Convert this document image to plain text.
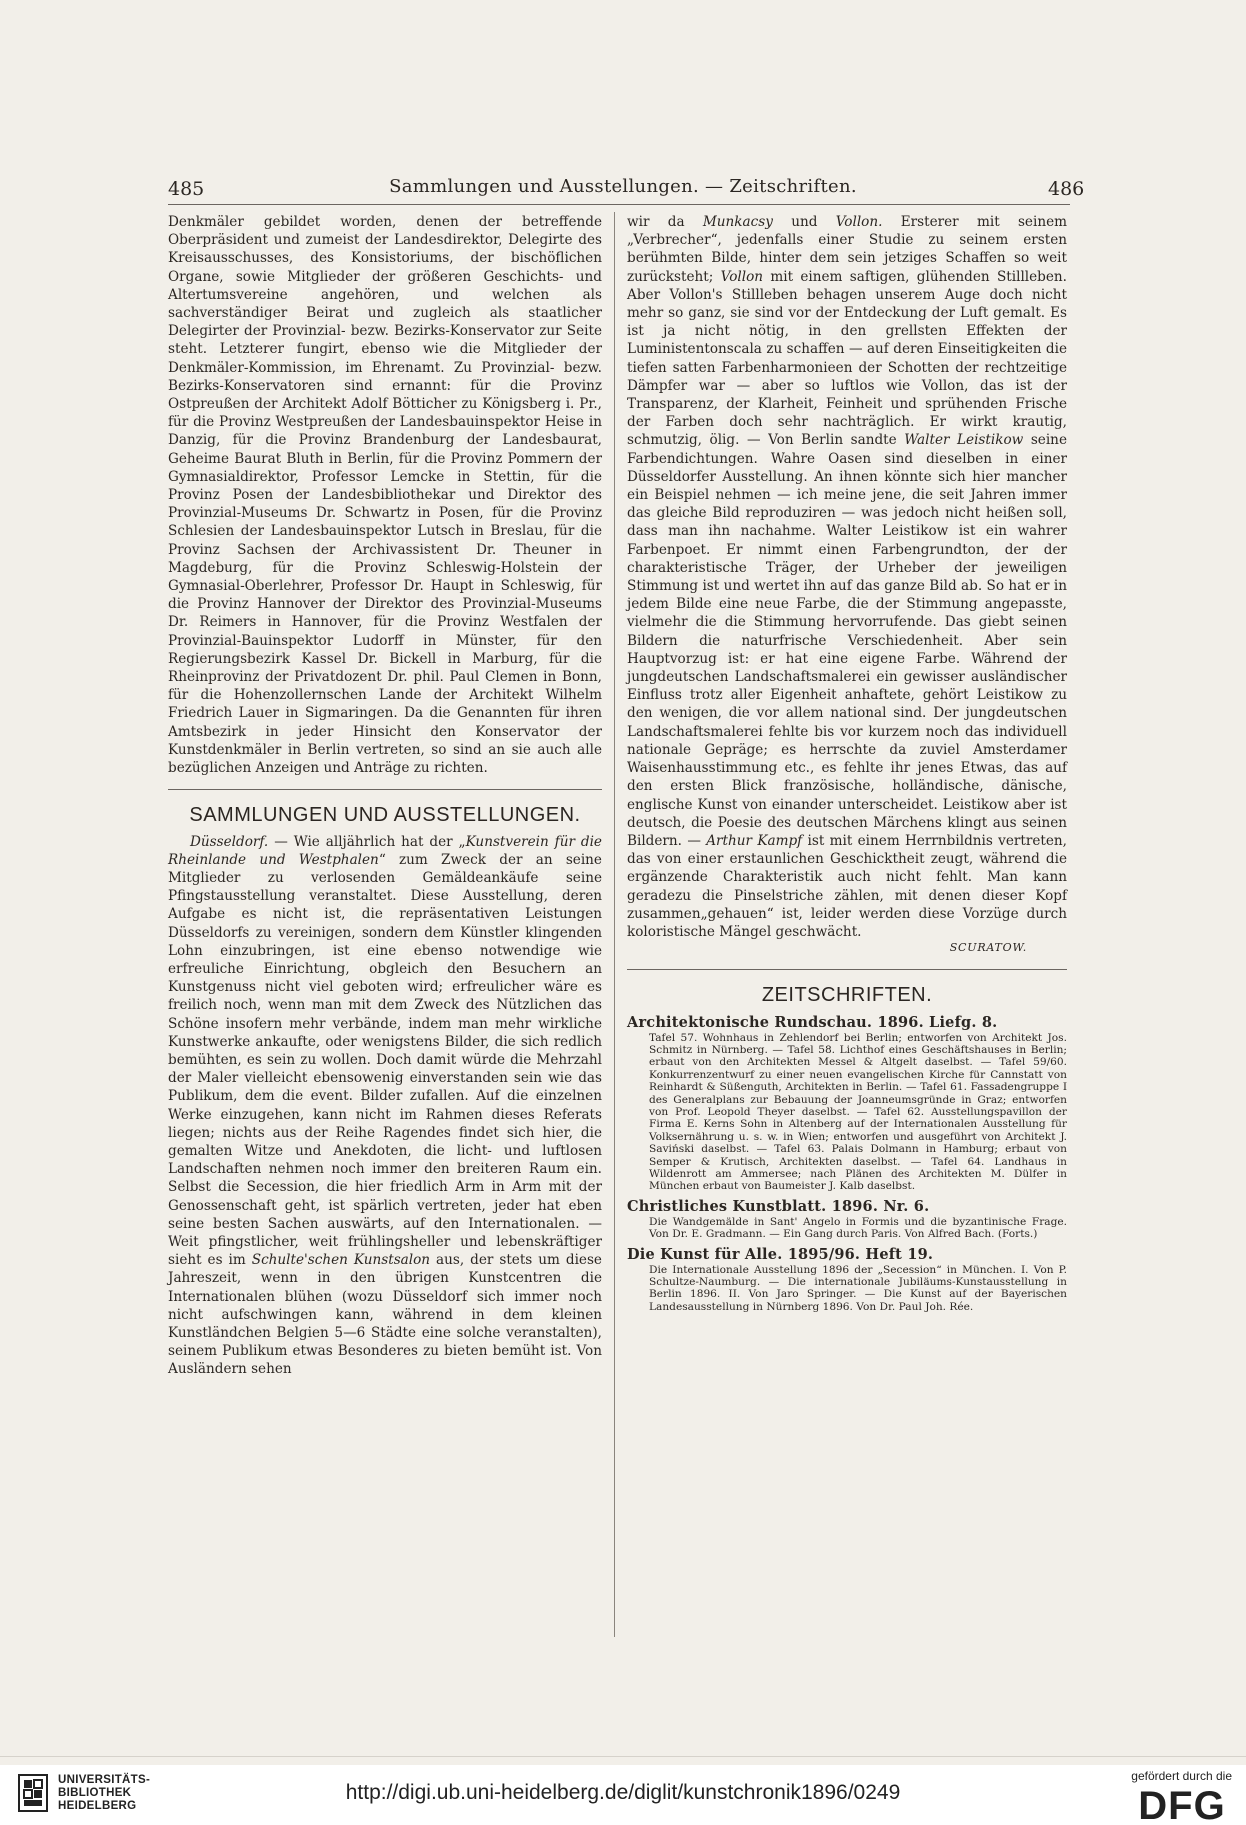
485	Sammlungen und Ausstellungen. — Zeitschriften.	486

Denkmäler gebildet worden, denen der betreffende Oberpräsident und zumeist der Landesdirektor, Delegirte des Kreisausschusses, des Konsistoriums, der bischöflichen Organe, sowie Mitglieder der größeren Geschichts- und Altertumsvereine angehören, und welchen als sachverständiger Beirat und zugleich als staatlicher Delegirter der Provinzial- bezw. Bezirks-Konservator zur Seite steht. Letzterer fungirt, ebenso wie die Mitglieder der Denkmäler-Kommission, im Ehrenamt. Zu Provinzial- bezw. Bezirks-Konservatoren sind ernannt: für die Provinz Ostpreußen der Architekt Adolf Bötticher zu Königsberg i. Pr., für die Provinz Westpreußen der Landesbauinspektor Heise in Danzig, für die Provinz Brandenburg der Landesbaurat, Geheime Baurat Bluth in Berlin, für die Provinz Pommern der Gymnasialdirektor, Professor Lemcke in Stettin, für die Provinz Posen der Landesbibliothekar und Direktor des Provinzial-Museums Dr. Schwartz in Posen, für die Provinz Schlesien der Landesbauinspektor Lutsch in Breslau, für die Provinz Sachsen der Archivassistent Dr. Theuner in Magdeburg, für die Provinz Schleswig-Holstein der Gymnasial-Oberlehrer, Professor Dr. Haupt in Schleswig, für die Provinz Hannover der Direktor des Provinzial-Museums Dr. Reimers in Hannover, für die Provinz Westfalen der Provinzial-Bauinspektor Ludorff in Münster, für den Regierungsbezirk Kassel Dr. Bickell in Marburg, für die Rheinprovinz der Privatdozent Dr. phil. Paul Clemen in Bonn, für die Hohenzollernschen Lande der Architekt Wilhelm Friedrich Lauer in Sigmaringen. Da die Genannten für ihren Amtsbezirk in jeder Hinsicht den Konservator der Kunstdenkmäler in Berlin vertreten, so sind an sie auch alle bezüglichen Anzeigen und Anträge zu richten.

SAMMLUNGEN UND AUSSTELLUNGEN.

Düsseldorf. — Wie alljährlich hat der „Kunstverein für die Rheinlande und Westphalen“ zum Zweck der an seine Mitglieder zu verlosenden Gemäldeankäufe seine Pfingstausstellung veranstaltet. Diese Ausstellung, deren Aufgabe es nicht ist, die repräsentativen Leistungen Düsseldorfs zu vereinigen, sondern dem Künstler klingenden Lohn einzubringen, ist eine ebenso notwendige wie erfreuliche Einrichtung, obgleich den Besuchern an Kunstgenuss nicht viel geboten wird; erfreulicher wäre es freilich noch, wenn man mit dem Zweck des Nützlichen das Schöne insofern mehr verbände, indem man mehr wirkliche Kunstwerke ankaufte, oder wenigstens Bilder, die sich redlich bemühten, es sein zu wollen. Doch damit würde die Mehrzahl der Maler vielleicht ebensowenig einverstanden sein wie das Publikum, dem die event. Bilder zufallen. Auf die einzelnen Werke einzugehen, kann nicht im Rahmen dieses Referats liegen; nichts aus der Reihe Ragendes findet sich hier, die gemalten Witze und Anekdoten, die licht- und luftlosen Landschaften nehmen noch immer den breiteren Raum ein. Selbst die Secession, die hier friedlich Arm in Arm mit der Genossenschaft geht, ist spärlich vertreten, jeder hat eben seine besten Sachen auswärts, auf den Internationalen. — Weit pfingstlicher, weit frühlingsheller und lebenskräftiger sieht es im Schulte'schen Kunstsalon aus, der stets um diese Jahreszeit, wenn in den übrigen Kunstcentren die Internationalen blühen (wozu Düsseldorf sich immer noch nicht aufschwingen kann, während in dem kleinen Kunstländchen Belgien 5—6 Städte eine solche veranstalten), seinem Publikum etwas Besonderes zu bieten bemüht ist. Von Ausländern sehen

wir da Munkacsy und Vollon. Ersterer mit seinem „Verbrecher“, jedenfalls einer Studie zu seinem ersten berühmten Bilde, hinter dem sein jetziges Schaffen so weit zurücksteht; Vollon mit einem saftigen, glühenden Stillleben. Aber Vollon's Stillleben behagen unserem Auge doch nicht mehr so ganz, sie sind vor der Entdeckung der Luft gemalt. Es ist ja nicht nötig, in den grellsten Effekten der Luministentonscala zu schaffen — auf deren Einseitigkeiten die tiefen satten Farbenharmonieen der Schotten der rechtzeitige Dämpfer war — aber so luftlos wie Vollon, das ist der Transparenz, der Klarheit, Feinheit und sprühenden Frische der Farben doch sehr nachträglich. Er wirkt krautig, schmutzig, ölig. — Von Berlin sandte Walter Leistikow seine Farbendichtungen. Wahre Oasen sind dieselben in einer Düsseldorfer Ausstellung. An ihnen könnte sich hier mancher ein Beispiel nehmen — ich meine jene, die seit Jahren immer das gleiche Bild reproduziren — was jedoch nicht heißen soll, dass man ihn nachahme. Walter Leistikow ist ein wahrer Farbenpoet. Er nimmt einen Farbengrundton, der der charakteristische Träger, der Urheber der jeweiligen Stimmung ist und wertet ihn auf das ganze Bild ab. So hat er in jedem Bilde eine neue Farbe, die der Stimmung angepasste, vielmehr die die Stimmung hervorrufende. Das giebt seinen Bildern die naturfrische Verschiedenheit. Aber sein Hauptvorzug ist: er hat eine eigene Farbe. Während der jungdeutschen Landschaftsmalerei ein gewisser ausländischer Einfluss trotz aller Eigenheit anhaftete, gehört Leistikow zu den wenigen, die vor allem national sind. Der jungdeutschen Landschaftsmalerei fehlte bis vor kurzem noch das individuell nationale Gepräge; es herrschte da zuviel Amsterdamer Waisenhausstimmung etc., es fehlte ihr jenes Etwas, das auf den ersten Blick französische, holländische, dänische, englische Kunst von einander unterscheidet. Leistikow aber ist deutsch, die Poesie des deutschen Märchens klingt aus seinen Bildern. — Arthur Kampf ist mit einem Herrnbildnis vertreten, das von einer erstaunlichen Geschicktheit zeugt, während die ergänzende Charakteristik auch nicht fehlt. Man kann geradezu die Pinselstriche zählen, mit denen dieser Kopf zusammen„gehauen“ ist, leider werden diese Vorzüge durch koloristische Mängel geschwächt.

SCURATOW.
ZEITSCHRIFTEN.
Architektonische Rundschau. 1896. Liefg. 8.
Tafel 57. Wohnhaus in Zehlendorf bei Berlin; entworfen von Architekt Jos. Schmitz in Nürnberg. — Tafel 58. Lichthof eines Geschäftshauses in Berlin; erbaut von den Architekten Messel & Altgelt daselbst. — Tafel 59/60. Konkurrenzentwurf zu einer neuen evangelischen Kirche für Cannstatt von Reinhardt & Süßenguth, Architekten in Berlin. — Tafel 61. Fassadengruppe I des Generalplans zur Bebauung der Joanneumsgründe in Graz; entworfen von Prof. Leopold Theyer daselbst. — Tafel 62. Ausstellungspavillon der Firma E. Kerns Sohn in Altenberg auf der Internationalen Ausstellung für Volksernährung u. s. w. in Wien; entworfen und ausgeführt von Architekt J. Saviński daselbst. — Tafel 63. Palais Dolmann in Hamburg; erbaut von Semper & Krutisch, Architekten daselbst. — Tafel 64. Landhaus in Wildenrott am Ammersee; nach Plänen des Architekten M. Dülfer in München erbaut von Baumeister J. Kalb daselbst.
Christliches Kunstblatt. 1896. Nr. 6.
Die Wandgemälde in Sant' Angelo in Formis und die byzantinische Frage. Von Dr. E. Gradmann. — Ein Gang durch Paris. Von Alfred Bach. (Forts.)
Die Kunst für Alle. 1895/96. Heft 19.
Die Internationale Ausstellung 1896 der „Secession“ in München. I. Von P. Schultze-Naumburg. — Die internationale Jubiläums-Kunstausstellung in Berlin 1896. II. Von Jaro Springer. — Die Kunst auf der Bayerischen Landesausstellung in Nürnberg 1896. Von Dr. Paul Joh. Rée.
UNIVERSITÄTS-
BIBLIOTHEK
HEIDELBERG
http://digi.ub.uni-heidelberg.de/diglit/kunstchronik1896/0249
gefördert durch die
DFG
